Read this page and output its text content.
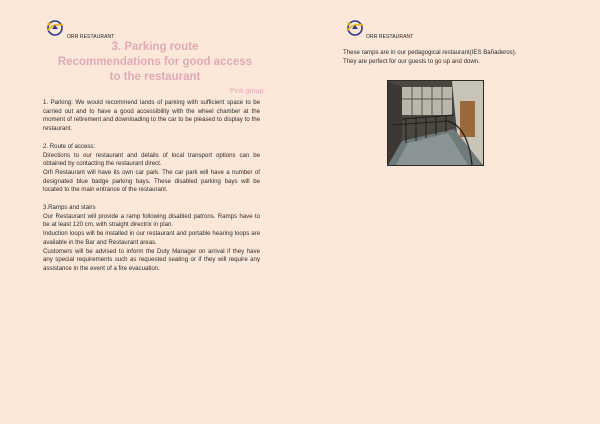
ORR RESTAURANT
3. Parking route
Recommendations for good access
to the restaurant
Pink group

1. Parking: We would recommend lands of parking with sufficient space to be carried out and to have a good accessibility with the wheel chamber at the moment of retirement and downloading to the car to be pleased to display to the restaurant.

2. Route of access:

Directions to our restaurant and details of local transport options can be obtained by contacting the restaurant direct.

Orfi Restaurant will have its own car park. The car park will have a number of designated blue badge parking bays. These disabled parking bays will be located to the main entrance of the restaurant.

3.Ramps and stairs

Our Restaurant will provide a ramp following disabled patrons. Ramps have to be at least 120 cm, with straight directrix in plan.

Induction loops will be installed in our restaurant and portable hearing loops are available in the Bar and Restaurant areas.

Customers will be advised to inform the Duty Manager on arrival if they have any special requirements such as requested seating or if they will require any assistance in the event of a fire evacuation.

ORR RESTAURANT

These ramps are in our pedagogical restaurant(IES Bañaderos).

They are perfect for our guests to go up and down.
